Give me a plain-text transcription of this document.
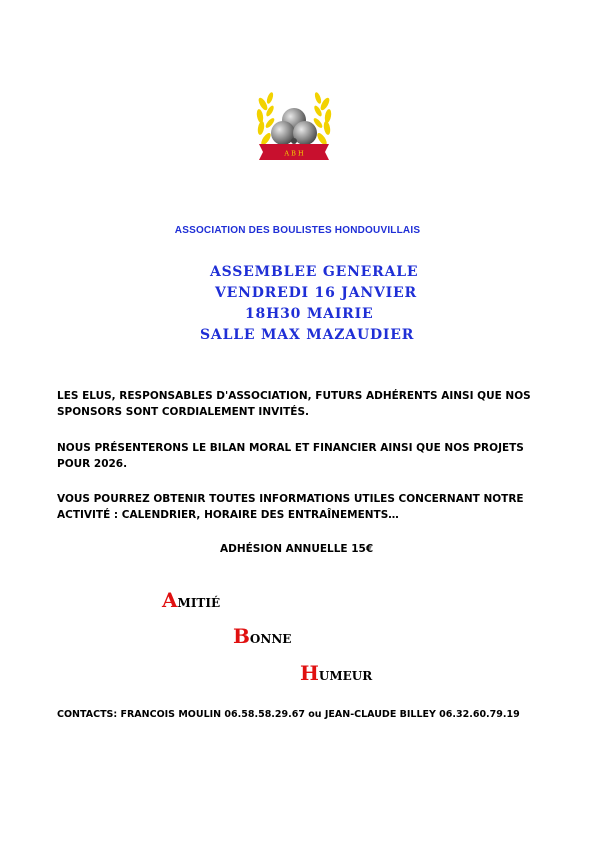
A B H
ASSOCIATION DES BOULISTES HONDOUVILLAIS
ASSEMBLEE GENERALE
VENDREDI 16 JANVIER
18H30 MAIRIE
SALLE MAX MAZAUDIER
LES ELUS, RESPONSABLES D'ASSOCIATION, FUTURS ADHÉRENTS AINSI QUE NOS SPONSORS SONT CORDIALEMENT INVITÉS.
NOUS PRÉSENTERONS LE BILAN MORAL ET FINANCIER AINSI QUE NOS PROJETS POUR 2026.
VOUS POURREZ OBTENIR TOUTES INFORMATIONS UTILES CONCERNANT NOTRE ACTIVITÉ : CALENDRIER, HORAIRE DES ENTRAÎNEMENTS…
ADHÉSION ANNUELLE 15€
AMITIÉ
BONNE
HUMEUR
CONTACTS: FRANCOIS MOULIN 06.58.58.29.67 ou JEAN-CLAUDE BILLEY 06.32.60.79.19
